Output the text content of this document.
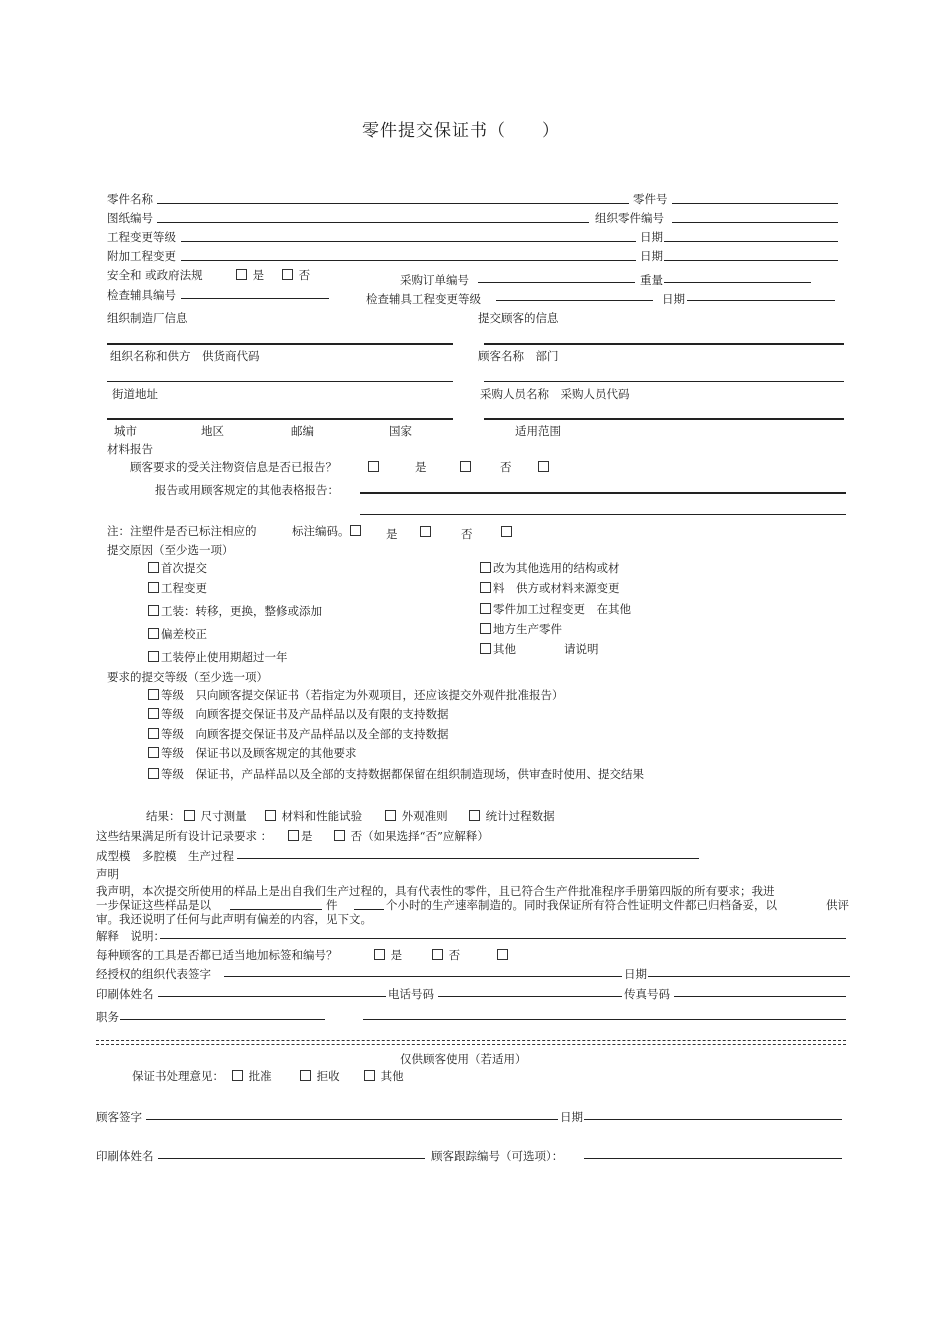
零件提交保证书（　　）
零件名称	零件号
图纸编号	组织零件编号
工程变更等级	日期
附加工程变更	日期
安全和 或政府法规	是	否	采购订单编号	重量
检查辅具编号	检查辅具工程变更等级	日期
组织制造厂信息	提交顾客的信息
组织名称和供方　供货商代码	顾客名称　部门
街道地址	采购人员名称　采购人员代码
城市	地区	邮编	国家	适用范围
材料报告
顾客要求的受关注物资信息是否已报告？	是	否
报告或用顾客规定的其他表格报告：
注：注塑件是否已标注相应的	标注编码。	是	否
提交原因（至少选一项）
首次提交
工程变更
工装：转移，更换，整修或添加
偏差校正
工装停止使用期超过一年
改为其他选用的结构或材
料　供方或材料来源变更
零件加工过程变更　在其他
地方生产零件
其他	请说明
要求的提交等级（至少选一项）
等级　只向顾客提交保证书（若指定为外观项目，还应该提交外观件批准报告）
等级　向顾客提交保证书及产品样品以及有限的支持数据
等级　向顾客提交保证书及产品样品以及全部的支持数据
等级　保证书以及顾客规定的其他要求
等级　保证书，产品样品以及全部的支持数据都保留在组织制造现场，供审查时使用、提交结果
结果：	尺寸测量	材料和性能试验	外观准则	统计过程数据
这些结果满足所有设计记录要求 ：	是	否（如果选择“否”应解释）
成型模　多腔模　生产过程
声明
我声明，本次提交所使用的样品上是出自我们生产过程的，具有代表性的零件，且已符合生产件批准程序手册第四版的所有要求；我进
一步保证这些样品是以	件	个小时的生产速率制造的。同时我保证所有符合性证明文件都已归档备妥，以	供评
审。我还说明了任何与此声明有偏差的内容，见下文。
解释　说明：
每种顾客的工具是否都已适当地加标签和编号？	是	否
经授权的组织代表签字	日期
印刷体姓名	电话号码	传真号码
职务
仅供顾客使用（若适用）
保证书处理意见：	批准	拒收	其他
顾客签字	日期
印刷体姓名	顾客跟踪编号（可选项）：
